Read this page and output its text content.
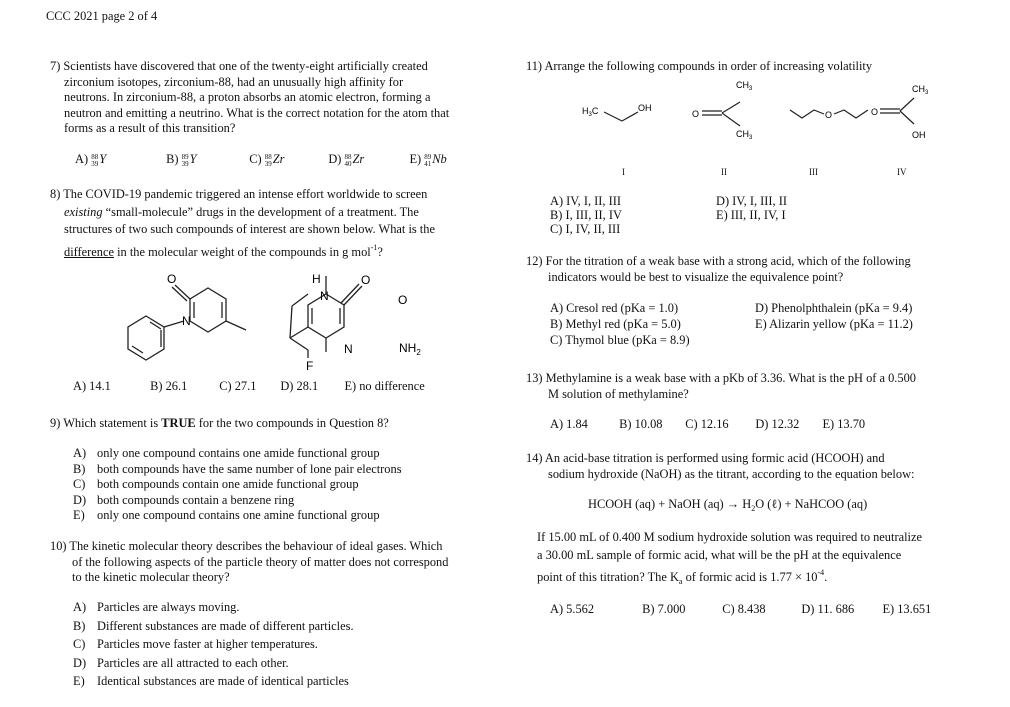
CCC 2021 page 2 of 4
7) Scientists have discovered that one of the twenty-eight artificially created
zirconium isotopes, zirconium-88, had an unusually high affinity for
neutrons. In zirconium-88, a proton absorbs an atomic electron, forming a
neutron and emitting a neutrino. What is the correct notation for the atom that
forms as a result of this transition?
A) 88
39Y	B) 89
39Y	C) 88
39Zr	D) 88
40Zr	E) 89
41Nb
8) The COVID-19 pandemic triggered an intense effort worldwide to screen
existing “small-molecule” drugs in the development of a treatment. The
structures of two such compounds of interest are shown below. What is the
difference in the molecular weight of the compounds in g mol$^{-1}$?
O
N
H	O
N
N
O
$NH_2$
F
A) 14.1	B) 26.1	C) 27.1 D) 28.1 E) no difference
9) Which statement is TRUE for the two compounds in Question 8?
A) only one compound contains one amide functional group
B) both compounds have the same number of lone pair electrons
C) both compounds contain one amide functional group
D) both compounds contain a benzene ring
E) only one compound contains one amine functional group
10) The kinetic molecular theory describes the behaviour of ideal gases. Which
of the following aspects of the particle theory of matter does not correspond
to the kinetic molecular theory?
A) Particles are always moving.
B) Different substances are made of different particles.
C) Particles move faster at higher temperatures.
D) Particles are all attracted to each other.
E) Identical substances are made of identical particles
11) Arrange the following compounds in order of increasing volatility
$H_3C$	OH
O
$CH_3$
$CH_3$
O	O
$CH_3$
OH
I	II	III	IV
A) IV, I, II, III
B) I, III, II, IV
C) I, IV, II, III
D) IV, I, III, II
E) III, II, IV, I
12) For the titration of a weak base with a strong acid, which of the following
indicators would be best to visualize the equivalence point?
A) Cresol red (pKa = 1.0)
B) Methyl red (pKa = 5.0)
C) Thymol blue (pKa = 8.9)
D) Phenolphthalein (pKa = 9.4)
E) Alizarin yellow (pKa = 11.2)
13) Methylamine is a weak base with a pKb of 3.36. What is the pH of a 0.500
M solution of methylamine?
A) 1.84	B) 10.08 C) 12.16 D) 12.32 E) 13.70
14) An acid-base titration is performed using formic acid (HCOOH) and
sodium hydroxide (NaOH) as the titrant, according to the equation below:
HCOOH (aq) + NaOH $(aq) \to H_2O$ (ℓ) + NaHCOO (aq)
If 15.00 mL of 0.400 M sodium hydroxide solution was required to neutralize
a 30.00 mL sample of formic acid, what will be the pH at the equivalence
point of this titration? The $K_a$ of formic acid is $1.77 \times 10^{-4}$.
A) 5.562	B) 7.000	C) 8.438	D) 11. 686 E) 13.651
